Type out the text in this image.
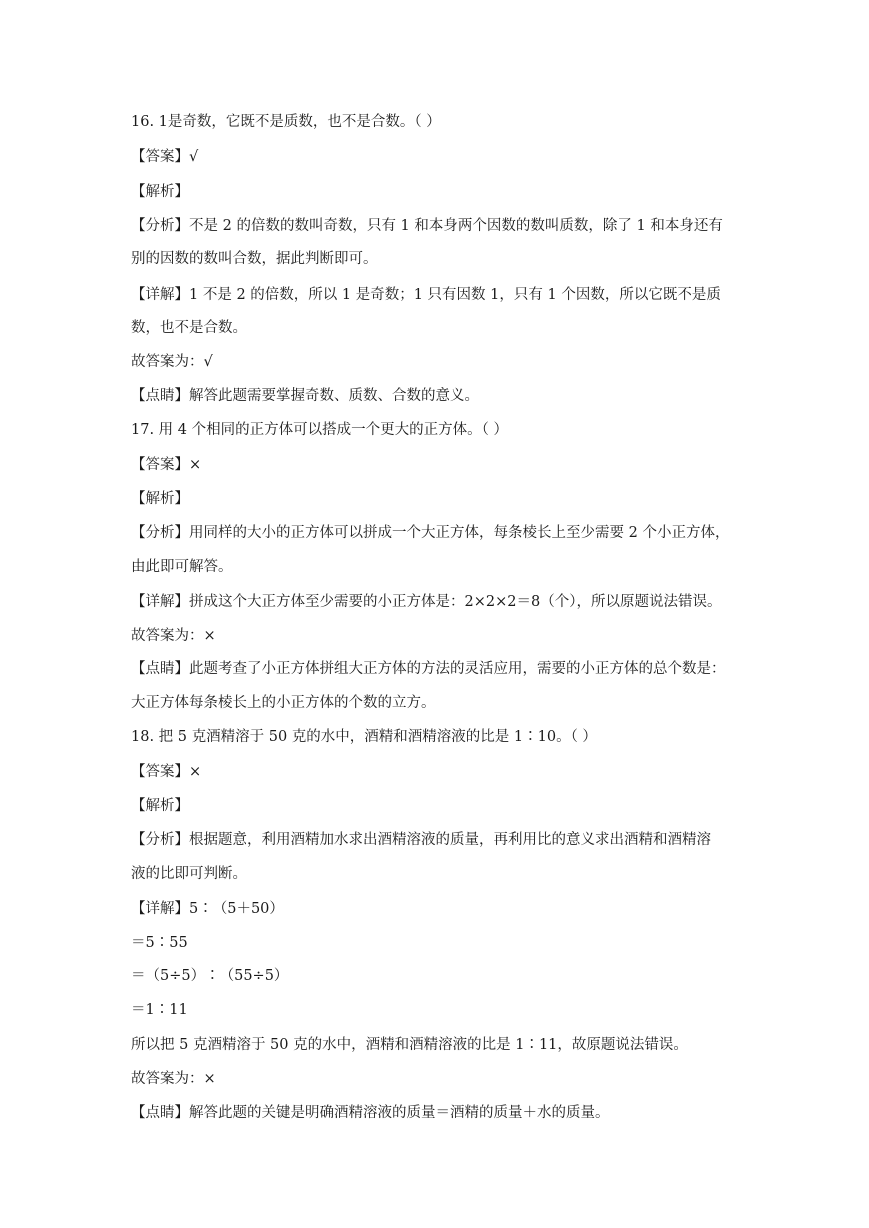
16. 1是奇数，它既不是质数，也不是合数。（ ）
【答案】√
【解析】
【分析】不是 2 的倍数的数叫奇数，只有 1 和本身两个因数的数叫质数，除了 1 和本身还有
别的因数的数叫合数，据此判断即可。
【详解】1 不是 2 的倍数，所以 1 是奇数；1 只有因数 1，只有 1 个因数，所以它既不是质
数，也不是合数。
故答案为：√
【点睛】解答此题需要掌握奇数、质数、合数的意义。
17. 用 4 个相同的正方体可以搭成一个更大的正方体。（ ）
【答案】×
【解析】
【分析】用同样的大小的正方体可以拼成一个大正方体，每条棱长上至少需要 2 个小正方体，
由此即可解答。
【详解】拼成这个大正方体至少需要的小正方体是：2×2×2＝8（个），所以原题说法错误。
故答案为：×
【点睛】此题考查了小正方体拼组大正方体的方法的灵活应用，需要的小正方体的总个数是：
大正方体每条棱长上的小正方体的个数的立方。
18. 把 5 克酒精溶于 50 克的水中，酒精和酒精溶液的比是 1∶10。（ ）
【答案】×
【解析】
【分析】根据题意，利用酒精加水求出酒精溶液的质量，再利用比的意义求出酒精和酒精溶
液的比即可判断。
【详解】5∶（5＋50）
＝5∶55
＝（5÷5）∶（55÷5）
＝1∶11
所以把 5 克酒精溶于 50 克的水中，酒精和酒精溶液的比是 1∶11，故原题说法错误。
故答案为：×
【点睛】解答此题的关键是明确酒精溶液的质量＝酒精的质量＋水的质量。
